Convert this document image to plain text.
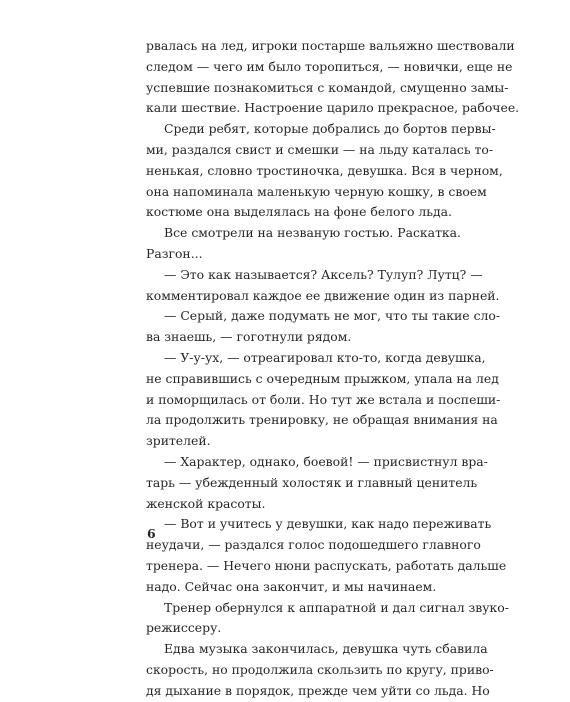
рвалась на лед, игроки постарше вальяжно шествовали
следом — чего им было торопиться, — новички, еще не
успевшие познакомиться с командой, смущенно замы-
кали шествие. Настроение царило прекрасное, рабочее.
Среди ребят, которые добрались до бортов первы-
ми, раздался свист и смешки — на льду каталась то-
ненькая, словно тростиночка, девушка. Вся в черном,
она напоминала маленькую черную кошку, в своем
костюме она выделялась на фоне белого льда.
Все смотрели на незваную гостью. Раскатка.
Разгон...
— Это как называется? Аксель? Тулуп? Лутц? —
комментировал каждое ее движение один из парней.
— Серый, даже подумать не мог, что ты такие сло-
ва знаешь, — гоготнули рядом.
— У-у-ух, — отреагировал кто-то, когда девушка,
не справившись с очередным прыжком, упала на лед
и поморщилась от боли. Но тут же встала и поспеши-
ла продолжить тренировку, не обращая внимания на
зрителей.
— Характер, однако, боевой! — присвистнул вра-
тарь — убежденный холостяк и главный ценитель
женской красоты.
— Вот и учитесь у девушки, как надо переживать
неудачи, — раздался голос подошедшего главного
тренера. — Нечего нюни распускать, работать дальше
надо. Сейчас она закончит, и мы начинаем.
Тренер обернулся к аппаратной и дал сигнал звуко-
режиссеру.
Едва музыка закончилась, девушка чуть сбавила
скорость, но продолжила скользить по кругу, приво-
дя дыхание в порядок, прежде чем уйти со льда. Но
6
